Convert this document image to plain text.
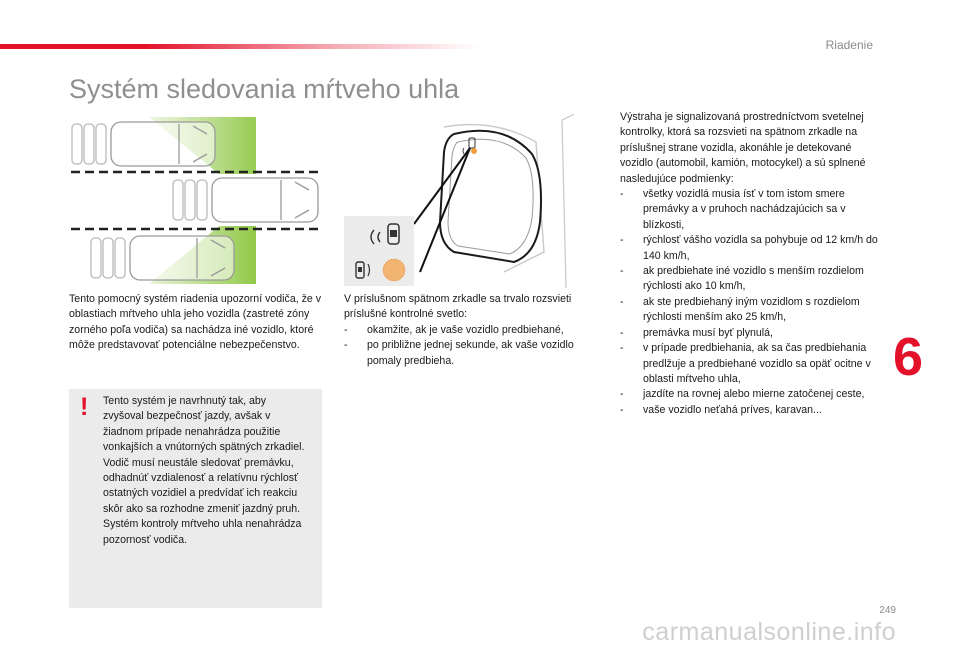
Riadenie
Systém sledovania mŕtveho uhla
Tento pomocný systém riadenia upozorní vodiča, že v oblastiach mŕtveho uhla jeho vozidla (zastreté zóny zorného poľa vodiča) sa nachádza iné vozidlo, ktoré môže predstavovať potenciálne nebezpečenstvo.
! Tento systém je navrhnutý tak, aby zvyšoval bezpečnosť jazdy, avšak v žiadnom prípade nenahrádza použitie vonkajších a vnútorných spätných zrkadiel. Vodič musí neustále sledovať premávku, odhadnúť vzdialenosť a relatívnu rýchlosť ostatných vozidiel a predvídať ich reakciu skôr ako sa rozhodne zmeniť jazdný pruh.
Systém kontroly mŕtveho uhla nenahrádza pozornosť vodiča.
V príslušnom spätnom zrkadle sa trvalo rozsvieti príslušné kontrolné svetlo:
- okamžite, ak je vaše vozidlo predbiehané,
- po približne jednej sekunde, ak vaše vozidlo pomaly predbieha.
Výstraha je signalizovaná prostredníctvom svetelnej kontrolky, ktorá sa rozsvieti na spätnom zrkadle na príslušnej strane vozidla, akonáhle je detekované vozidlo (automobil, kamión, motocykel) a sú splnené nasledujúce podmienky:
- všetky vozidlá musia ísť v tom istom smere premávky a v pruhoch nachádzajúcich sa v blízkosti,
- rýchlosť vášho vozidla sa pohybuje od 12 km/h do 140 km/h,
- ak predbiehate iné vozidlo s menším rozdielom rýchlosti ako 10 km/h,
- ak ste predbiehaný iným vozidlom s rozdielom rýchlosti menším ako 25 km/h,
- premávka musí byť plynulá,
- v prípade predbiehania, ak sa čas predbiehania predlžuje a predbiehané vozidlo sa opäť ocitne v oblasti mŕtveho uhla,
- jazdíte na rovnej alebo mierne zatočenej ceste,
- vaše vozidlo neťahá príves, karavan...
6
249
carmanualsonline.info
